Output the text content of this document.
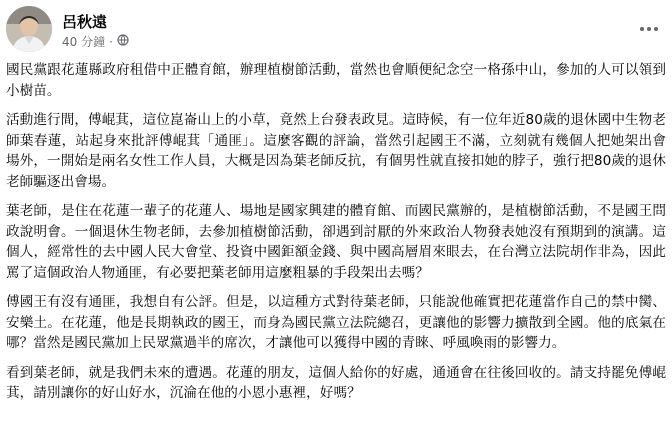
呂秋遠
40 分鐘 ·

國民黨跟花蓮縣政府租借中正體育館，辦理植樹節活動，當然也會順便紀念空一格孫中山，參加的人可以領到小樹苗。

活動進行間，傅崐萁，這位崑崙山上的小草，竟然上台發表政見。這時候，有一位年近80歲的退休國中生物老師葉春蓮，站起身來批評傅崐萁「通匪」。這麼客觀的評論，當然引起國王不滿，立刻就有幾個人把她架出會場外，一開始是兩名女性工作人員，大概是因為葉老師反抗，有個男性就直接扣她的脖子，強行把80歲的退休老師驅逐出會場。

葉老師，是住在花蓮一輩子的花蓮人、場地是國家興建的體育館、而國民黨辦的，是植樹節活動，不是國王問政說明會。一個退休生物老師，去參加植樹節活動，卻遇到討厭的外來政治人物發表她沒有預期到的演講。這個人，經常性的去中國人民大會堂、投資中國鉅額金錢、與中國高層眉來眼去，在台灣立法院胡作非為，因此罵了這個政治人物通匪，有必要把葉老師用這麼粗暴的手段架出去嗎？

傅國王有沒有通匪，我想自有公評。但是，以這種方式對待葉老師，只能說他確實把花蓮當作自己的禁中臠、安樂土。在花蓮，他是長期執政的國王，而身為國民黨立法院總召，更讓他的影響力擴散到全國。他的底氣在哪？當然是國民黨加上民眾黨過半的席次，才讓他可以獲得中國的青睞、呼風喚雨的影響力。

看到葉老師，就是我們未來的遭遇。花蓮的朋友，這個人給你的好處，通通會在往後回收的。請支持罷免傅崐萁，請別讓你的好山好水，沉淪在他的小恩小惠裡，好嗎？
